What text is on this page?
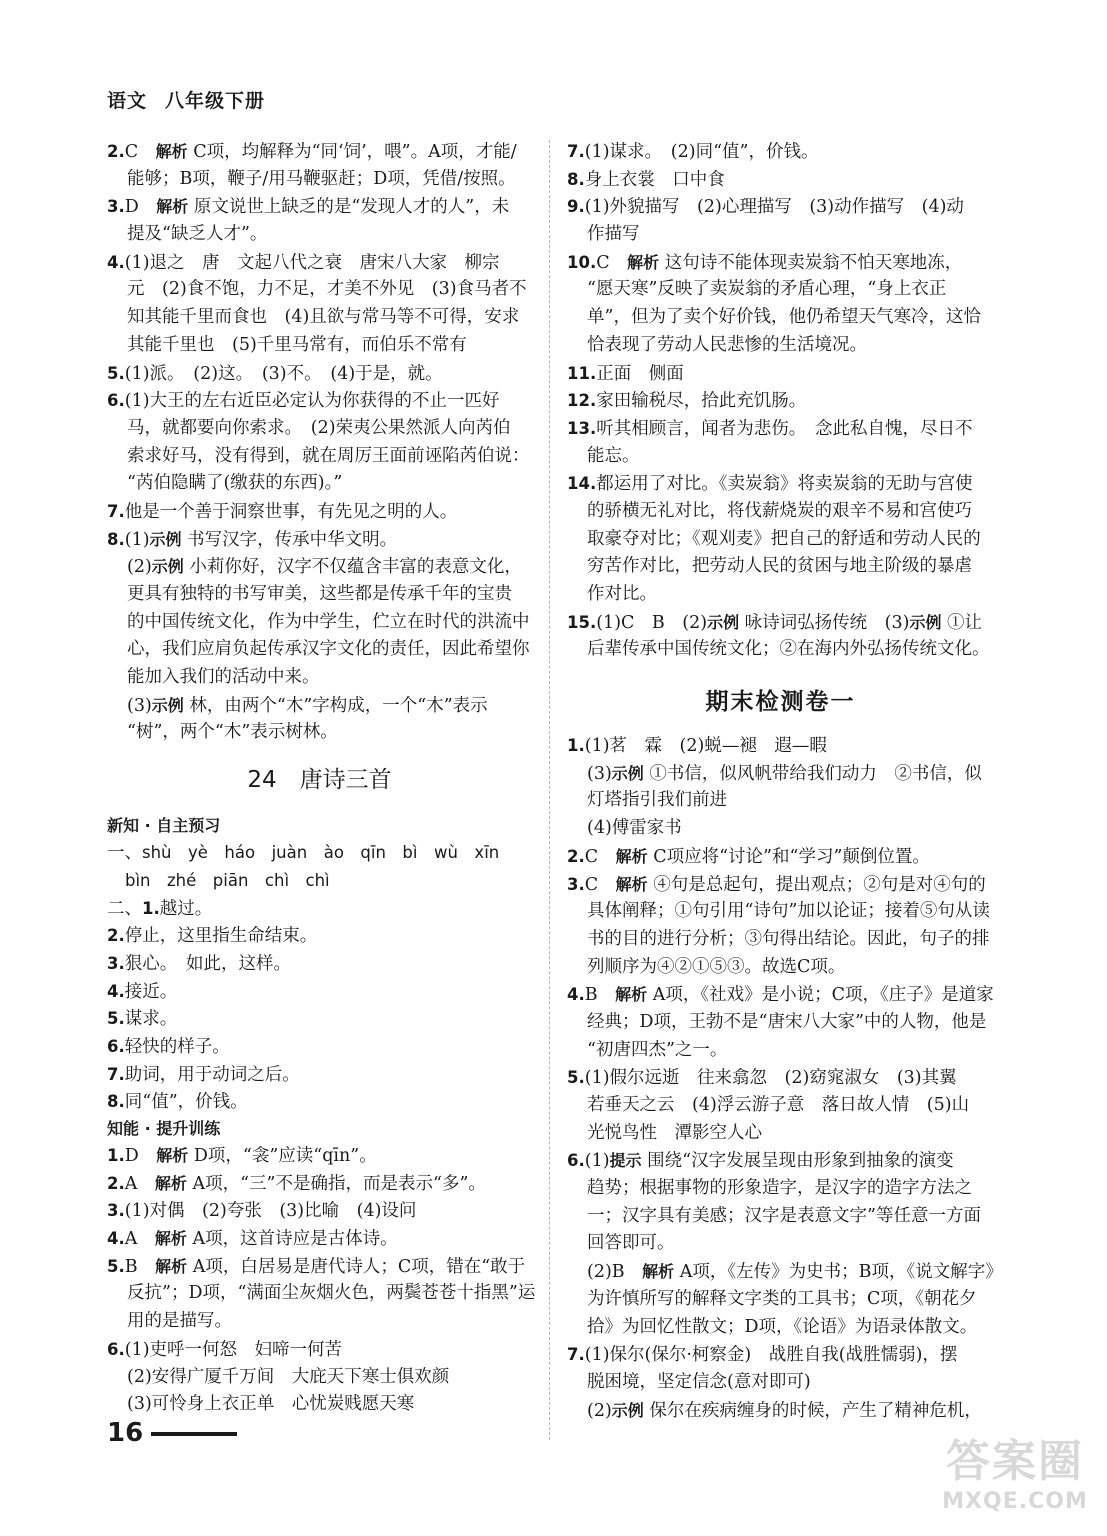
语文 八年级下册
2.C　解析 C项，均解释为“同‘饲’，喂”。A项，才能/
能够；B项，鞭子/用马鞭驱赶；D项，凭借/按照。
3.D　解析 原文说世上缺乏的是“发现人才的人”，未
提及“缺乏人才”。
4.(1)退之　唐　文起八代之衰　唐宋八大家　柳宗
元　(2)食不饱，力不足，才美不外见　(3)食马者不
知其能千里而食也　(4)且欲与常马等不可得，安求
其能千里也　(5)千里马常有，而伯乐不常有
5.(1)派。　(2)这。　(3)不。　(4)于是，就。
6.(1)大王的左右近臣必定认为你获得的不止一匹好
马，就都要向你索求。　(2)荣夷公果然派人向芮伯
索求好马，没有得到，就在周厉王面前诬陷芮伯说：
“芮伯隐瞒了(缴获的东西)。”
7.他是一个善于洞察世事，有先见之明的人。
8.(1)示例 书写汉字，传承中华文明。
(2)示例 小莉你好，汉字不仅蕴含丰富的表意文化，
更具有独特的书写审美，这些都是传承千年的宝贵
的中国传统文化，作为中学生，伫立在时代的洪流中
心，我们应肩负起传承汉字文化的责任，因此希望你
能加入我们的活动中来。
(3)示例 林，由两个“木”字构成，一个“木”表示
“树”，两个“木”表示树林。
24　唐诗三首
新知 · 自主预习
一、shù　yè　háo　juàn　ào　qīn　bì　wù　xīn
bìn　zhé　piān　chì　chì
二、1.越过。
2.停止，这里指生命结束。
3.狠心。　如此，这样。
4.接近。
5.谋求。
6.轻快的样子。
7.助词，用于动词之后。
8.同“值”，价钱。
知能 · 提升训练
1.D　解析 D项，“衾”应读“qīn”。
2.A　解析 A项，“三”不是确指，而是表示“多”。
3.(1)对偶　(2)夸张　(3)比喻　(4)设问
4.A　解析 A项，这首诗应是古体诗。
5.B　解析 A项，白居易是唐代诗人；C项，错在“敢于
反抗”；D项，“满面尘灰烟火色，两鬓苍苍十指黑”运
用的是描写。
6.(1)吏呼一何怒　妇啼一何苦
(2)安得广厦千万间　大庇天下寒士俱欢颜
(3)可怜身上衣正单　心忧炭贱愿天寒
7.(1)谋求。　(2)同“值”，价钱。
8.身上衣裳　口中食
9.(1)外貌描写　(2)心理描写　(3)动作描写　(4)动
作描写
10.C　解析 这句诗不能体现卖炭翁不怕天寒地冻，
“愿天寒”反映了卖炭翁的矛盾心理，“身上衣正
单”，但为了卖个好价钱，他仍希望天气寒冷，这恰
恰表现了劳动人民悲惨的生活境况。
11.正面　侧面
12.家田输税尽，拾此充饥肠。
13.听其相顾言，闻者为悲伤。　念此私自愧，尽日不
能忘。
14.都运用了对比。《卖炭翁》将卖炭翁的无助与宫使
的骄横无礼对比，将伐薪烧炭的艰辛不易和宫使巧
取豪夺对比；《观刈麦》把自己的舒适和劳动人民的
穷苦作对比，把劳动人民的贫困与地主阶级的暴虐
作对比。
15.(1)C　B　(2)示例 咏诗词弘扬传统　(3)示例 ①让
后辈传承中国传统文化；②在海内外弘扬传统文化。
期末检测卷一
1.(1)茗　霖　(2)蜕—褪　遐—暇
(3)示例 ①书信，似风帆带给我们动力　②书信，似
灯塔指引我们前进
(4)傅雷家书
2.C　解析 C项应将“讨论”和“学习”颠倒位置。
3.C　解析 ④句是总起句，提出观点；②句是对④句的
具体阐释；①句引用“诗句”加以论证；接着⑤句从读
书的目的进行分析；③句得出结论。因此，句子的排
列顺序为④②①⑤③。故选C项。
4.B　解析 A项，《社戏》是小说；C项，《庄子》是道家
经典；D项，王勃不是“唐宋八大家”中的人物，他是
“初唐四杰”之一。
5.(1)假尔远逝　往来翕忽　(2)窈窕淑女　(3)其翼
若垂天之云　(4)浮云游子意　落日故人情　(5)山
光悦鸟性　潭影空人心
6.(1)提示 围绕“汉字发展呈现由形象到抽象的演变
趋势；根据事物的形象造字，是汉字的造字方法之
一；汉字具有美感；汉字是表意文字”等任意一方面
回答即可。
(2)B　解析 A项，《左传》为史书；B项，《说文解字》
为许慎所写的解释文字类的工具书；C项，《朝花夕
拾》为回忆性散文；D项，《论语》为语录体散文。
7.(1)保尔(保尔·柯察金)　战胜自我(战胜懦弱)，摆
脱困境，坚定信念(意对即可)
(2)示例 保尔在疾病缠身的时候，产生了精神危机，
16
答案圈
MXQE.COM
